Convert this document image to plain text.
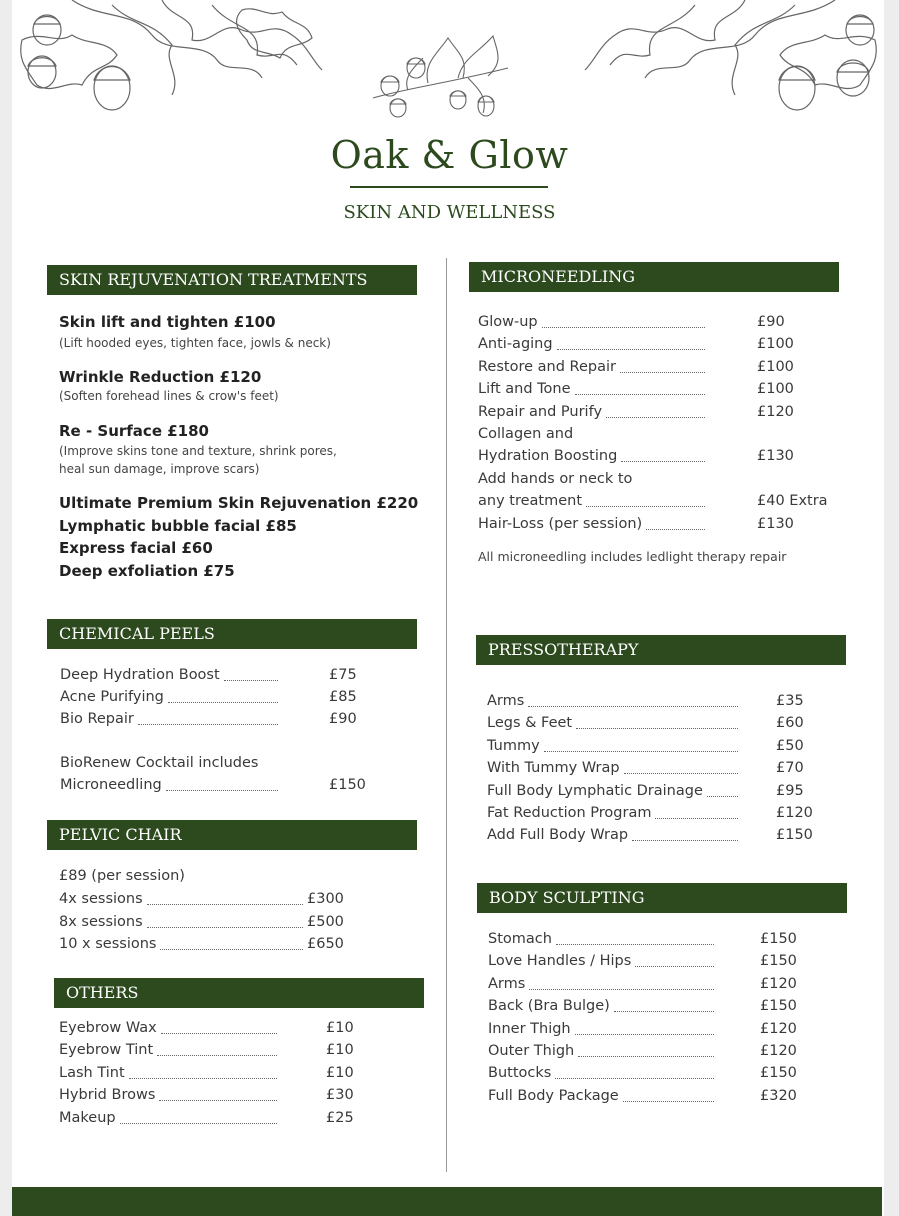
Oak & Glow
SKIN AND WELLNESS
SKIN REJUVENATION TREATMENTS
Skin lift and tighten £100
(Lift hooded eyes, tighten face, jowls & neck)
Wrinkle Reduction £120
(Soften forehead lines & crow's feet)
Re - Surface £180
(Improve skins tone and texture, shrink pores,
heal sun damage, improve scars)
Ultimate Premium Skin Rejuvenation £220
Lymphatic bubble facial £85
Express facial £60
Deep exfoliation £75
CHEMICAL PEELS
Deep Hydration Boost	£75
Acne Purifying	£85
Bio Repair	£90
BioRenew Cocktail includes
Microneedling	£150
PELVIC CHAIR
£89 (per session)
4x sessions	£300
8x sessions	£500
10 x sessions	£650
OTHERS
Eyebrow Wax	£10
Eyebrow Tint	£10
Lash Tint	£10
Hybrid Brows	£30
Makeup	£25
MICRONEEDLING
Glow-up	£90
Anti-aging	£100
Restore and Repair	£100
Lift and Tone	£100
Repair and Purify	£120
Collagen and
Hydration Boosting	£130
Add hands or neck to
any treatment	£40 Extra
Hair-Loss (per session)	£130
All microneedling includes ledlight therapy repair
PRESSOTHERAPY
Arms	£35
Legs & Feet	£60
Tummy	£50
With Tummy Wrap	£70
Full Body Lymphatic Drainage	£95
Fat Reduction Program	£120
Add Full Body Wrap	£150
BODY SCULPTING
Stomach	£150
Love Handles / Hips	£150
Arms	£120
Back (Bra Bulge)	£150
Inner Thigh	£120
Outer Thigh	£120
Buttocks	£150
Full Body Package	£320
